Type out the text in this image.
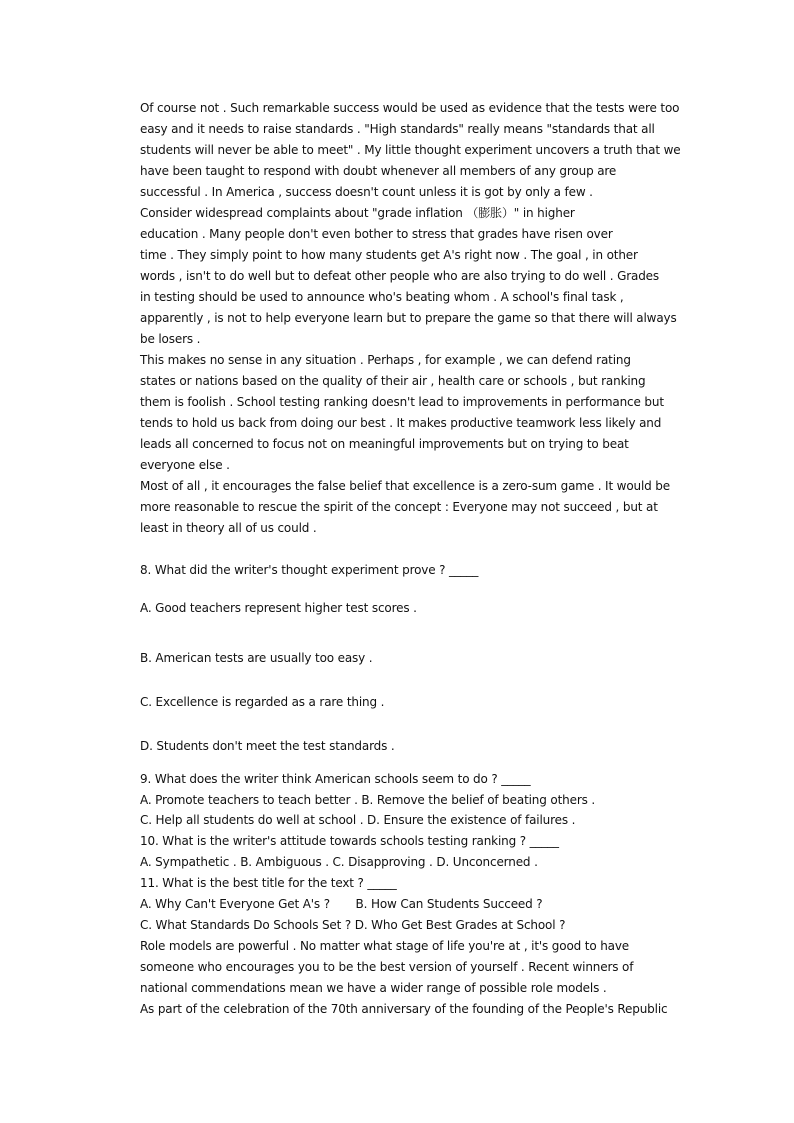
Of course not . Such remarkable success would be used as evidence that the tests were too
easy and it needs to raise standards . "High standards" really means "standards that all
students will never be able to meet" . My little thought experiment uncovers a truth that we
have been taught to respond with doubt whenever all members of any group are
successful . In America , success doesn't count unless it is got by only a few .
Consider widespread complaints about "grade inflation （膨胀）" in higher
education . Many people don't even bother to stress that grades have risen over
time . They simply point to how many students get A's right now . The goal , in other
words , isn't to do well but to defeat other people who are also trying to do well . Grades
in testing should be used to announce who's beating whom . A school's final task ,
apparently , is not to help everyone learn but to prepare the game so that there will always
be losers .
This makes no sense in any situation . Perhaps , for example , we can defend rating
states or nations based on the quality of their air , health care or schools , but ranking
them is foolish . School testing ranking doesn't lead to improvements in performance but
tends to hold us back from doing our best . It makes productive teamwork less likely and
leads all concerned to focus not on meaningful improvements but on trying to beat
everyone else .
Most of all , it encourages the false belief that excellence is a zero-sum game . It would be
more reasonable to rescue the spirit of the concept : Everyone may not succeed , but at
least in theory all of us could .
8. What did the writer's thought experiment prove ? _____
A. Good teachers represent higher test scores .
B. American tests are usually too easy .
C. Excellence is regarded as a rare thing .
D. Students don't meet the test standards .
9. What does the writer think American schools seem to do ? _____
A. Promote teachers to teach better . B. Remove the belief of beating others .
C. Help all students do well at school . D. Ensure the existence of failures .
10. What is the writer's attitude towards schools testing ranking ? _____
A. Sympathetic . B. Ambiguous . C. Disapproving . D. Unconcerned .
11. What is the best title for the text ? _____
A. Why Can't Everyone Get A's ?       B. How Can Students Succeed ?
C. What Standards Do Schools Set ? D. Who Get Best Grades at School ?
Role models are powerful . No matter what stage of life you're at , it's good to have
someone who encourages you to be the best version of yourself . Recent winners of
national commendations mean we have a wider range of possible role models .
As part of the celebration of the 70th anniversary of the founding of the People's Republic
